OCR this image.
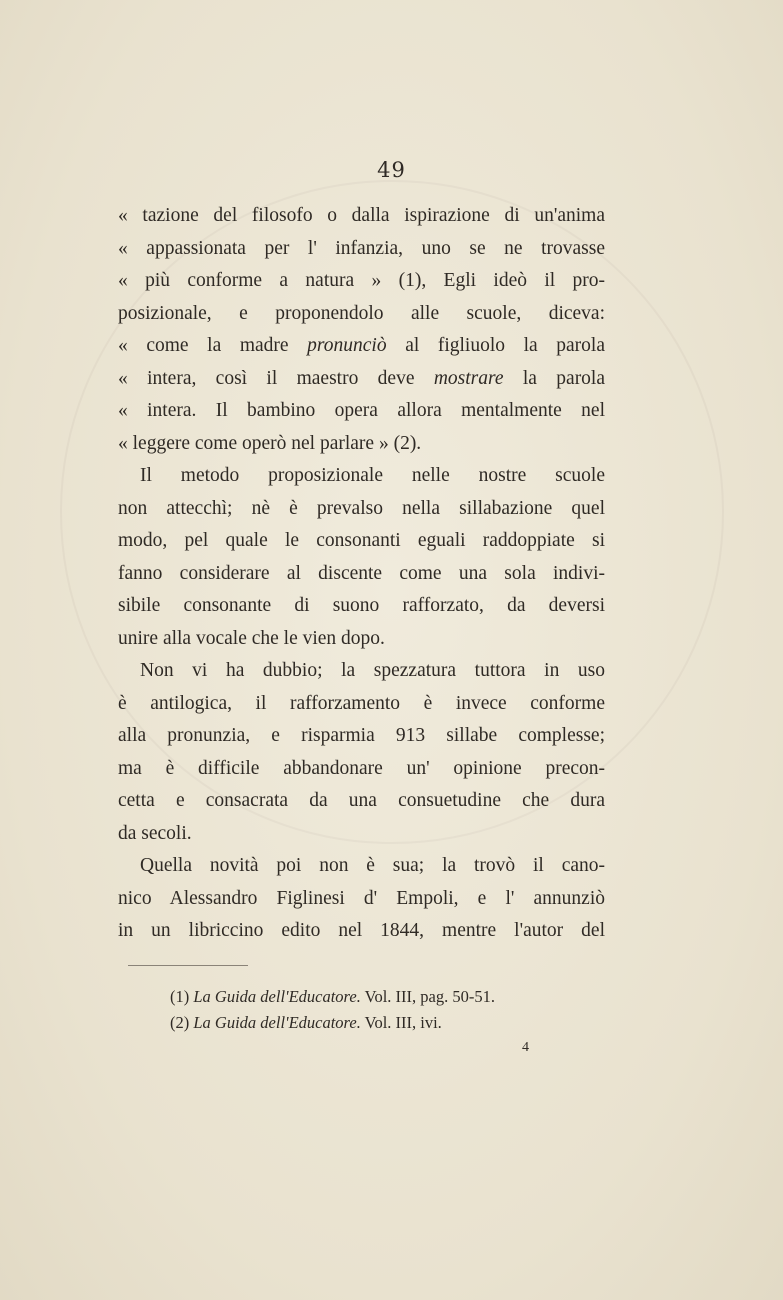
49
« tazione del filosofo o dalla ispirazione di un'anima
« appassionata per l' infanzia, uno se ne trovasse
« più conforme a natura » (1), Egli ideò il pro-
posizionale, e proponendolo alle scuole, diceva:
« come la madre pronunciò al figliuolo la parola
« intera, così il maestro deve mostrare la parola
« intera. Il bambino opera allora mentalmente nel
« leggere come operò nel parlare » (2).
Il metodo proposizionale nelle nostre scuole
non attecchì; nè è prevalso nella sillabazione quel
modo, pel quale le consonanti eguali raddoppiate si
fanno considerare al discente come una sola indivi-
sibile consonante di suono rafforzato, da deversi
unire alla vocale che le vien dopo.
Non vi ha dubbio; la spezzatura tuttora in uso
è antilogica, il rafforzamento è invece conforme
alla pronunzia, e risparmia 913 sillabe complesse;
ma è difficile abbandonare un' opinione precon-
cetta e consacrata da una consuetudine che dura
da secoli.
Quella novità poi non è sua; la trovò il cano-
nico Alessandro Figlinesi d' Empoli, e l' annunziò
in un libriccino edito nel 1844, mentre l'autor del
(1) La Guida dell'Educatore. Vol. III, pag. 50-51.
(2) La Guida dell'Educatore. Vol. III, ivi.
4
